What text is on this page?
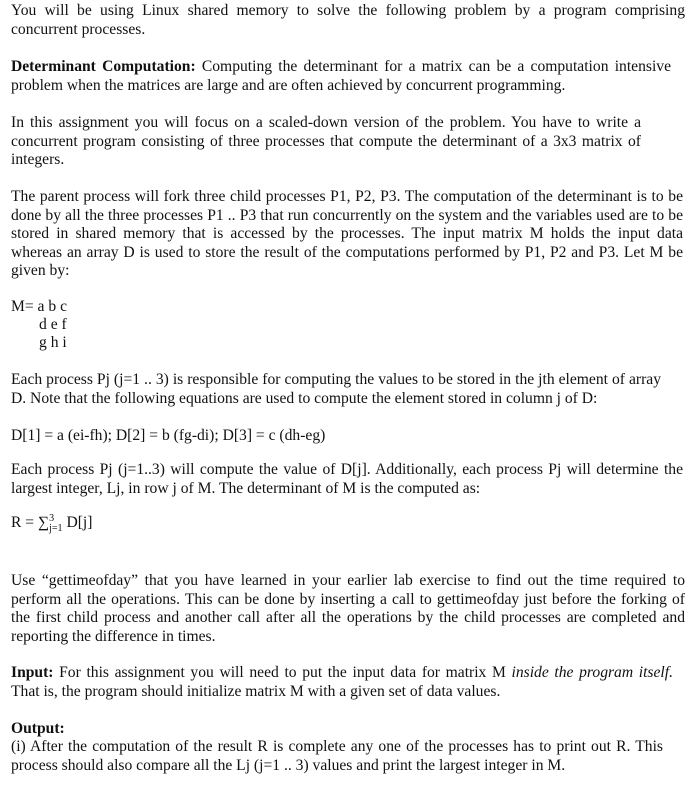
You will be using Linux shared memory to solve the following problem by a program comprising concurrent processes.

Determinant Computation: Computing the determinant for a matrix can be a computation intensive problem when the matrices are large and are often achieved by concurrent programming.

In this assignment you will focus on a scaled-down version of the problem. You have to write a concurrent program consisting of three processes that compute the determinant of a 3x3 matrix of integers.

The parent process will fork three child processes P1, P2, P3. The computation of the determinant is to be done by all the three processes P1 .. P3 that run concurrently on the system and the variables used are to be stored in shared memory that is accessed by the processes. The input matrix M holds the input data whereas an array D is used to store the result of the computations performed by P1, P2 and P3. Let M be given by:

M= a b c
d e f
g h i

Each process Pj (j=1 .. 3) is responsible for computing the values to be stored in the jth element of array D. Note that the following equations are used to compute the element stored in column j of D:

D[1] = a (ei-fh); D[2] = b (fg-di); D[3] = c (dh-eg)

Each process Pj (j=1..3) will compute the value of D[j]. Additionally, each process Pj will determine the largest integer, Lj, in row j of M. The determinant of M is the computed as:

R = ∑$^3_{j=1}$ D[j]

Use “gettimeofday” that you have learned in your earlier lab exercise to find out the time required to perform all the operations. This can be done by inserting a call to gettimeofday just before the forking of the first child process and another call after all the operations by the child processes are completed and reporting the difference in times.

Input: For this assignment you will need to put the input data for matrix M inside the program itself. That is, the program should initialize matrix M with a given set of data values.

Output:

(i) After the computation of the result R is complete any one of the processes has to print out R. This process should also compare all the Lj (j=1 .. 3) values and print the largest integer in M.
